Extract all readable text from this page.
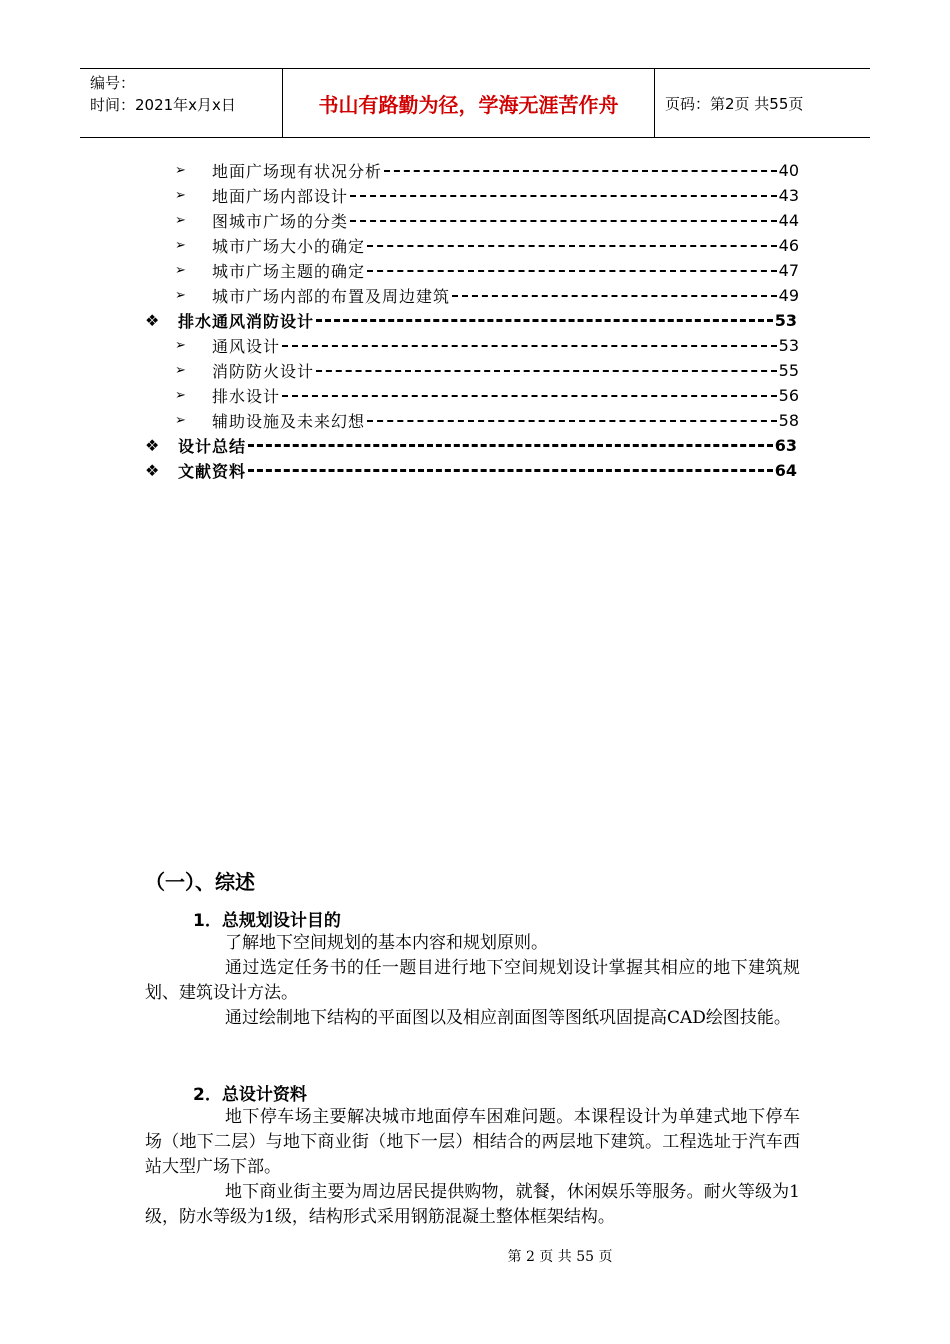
编号：
时间：2021年x月x日	书山有路勤为径，学海无涯苦作舟	页码：第2页 共55页
➢	地面广场现有状况分析	40
➢	地面广场内部设计	43
➢	图城市广场的分类	44
➢	城市广场大小的确定	46
➢	城市广场主题的确定	47
➢	城市广场内部的布置及周边建筑	49
❖	排水通风消防设计	53
➢	通风设计	53
➢	消防防火设计	55
➢	排水设计	56
➢	辅助设施及未来幻想	58
❖	设计总结	63
❖	文献资料	64
（一）、综述
1．总规划设计目的
了解地下空间规划的基本内容和规划原则。
通过选定任务书的任一题目进行地下空间规划设计掌握其相应的地下建筑规划、建筑设计方法。
通过绘制地下结构的平面图以及相应剖面图等图纸巩固提高CAD绘图技能。
2．总设计资料
地下停车场主要解决城市地面停车困难问题。本课程设计为单建式地下停车场（地下二层）与地下商业街（地下一层）相结合的两层地下建筑。工程选址于汽车西站大型广场下部。
地下商业街主要为周边居民提供购物，就餐，休闲娱乐等服务。耐火等级为1级，防水等级为1级，结构形式采用钢筋混凝土整体框架结构。
第 2 页 共 55 页
